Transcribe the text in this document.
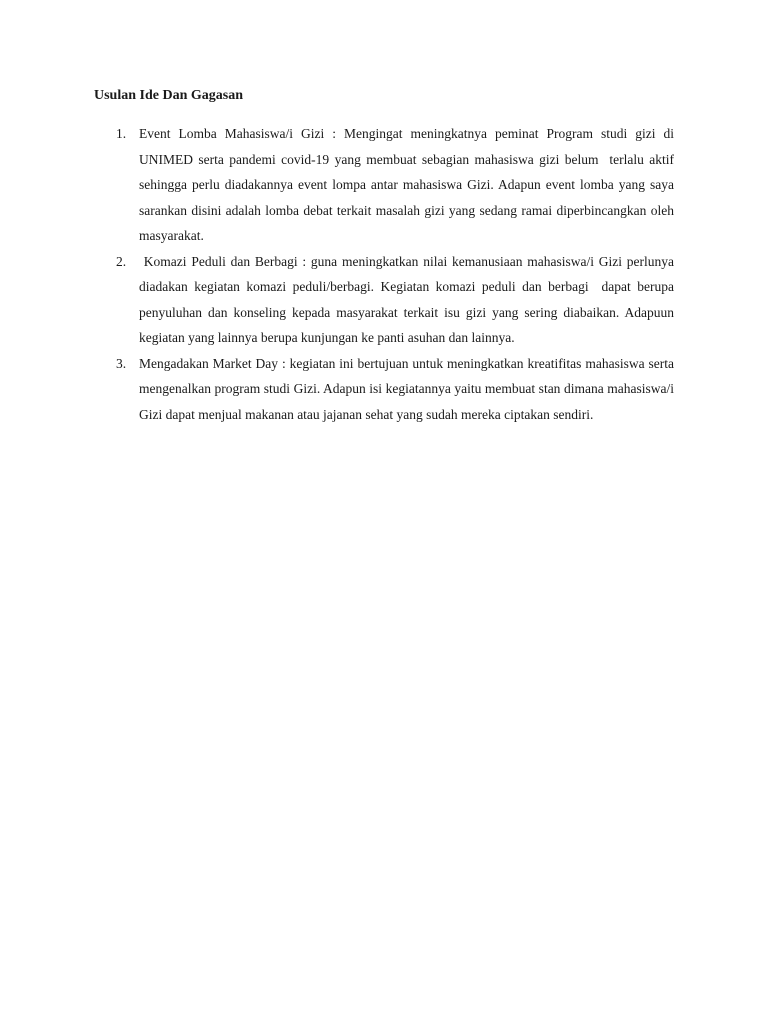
Usulan Ide Dan Gagasan
1. Event Lomba Mahasiswa/i Gizi : Mengingat meningkatnya peminat Program studi gizi di UNIMED serta pandemi covid-19 yang membuat sebagian mahasiswa gizi belum  terlalu aktif sehingga perlu diadakannya event lompa antar mahasiswa Gizi. Adapun event lomba yang saya sarankan disini adalah lomba debat terkait masalah gizi yang sedang ramai diperbincangkan oleh masyarakat.
2. Komazi Peduli dan Berbagi : guna meningkatkan nilai kemanusiaan mahasiswa/i Gizi perlunya diadakan kegiatan komazi peduli/berbagi. Kegiatan komazi peduli dan berbagi  dapat berupa penyuluhan dan konseling kepada masyarakat terkait isu gizi yang sering diabaikan. Adapuun kegiatan yang lainnya berupa kunjungan ke panti asuhan dan lainnya.
3. Mengadakan Market Day : kegiatan ini bertujuan untuk meningkatkan kreatifitas mahasiswa serta mengenalkan program studi Gizi. Adapun isi kegiatannya yaitu membuat stan dimana mahasiswa/i Gizi dapat menjual makanan atau jajanan sehat yang sudah mereka ciptakan sendiri.
